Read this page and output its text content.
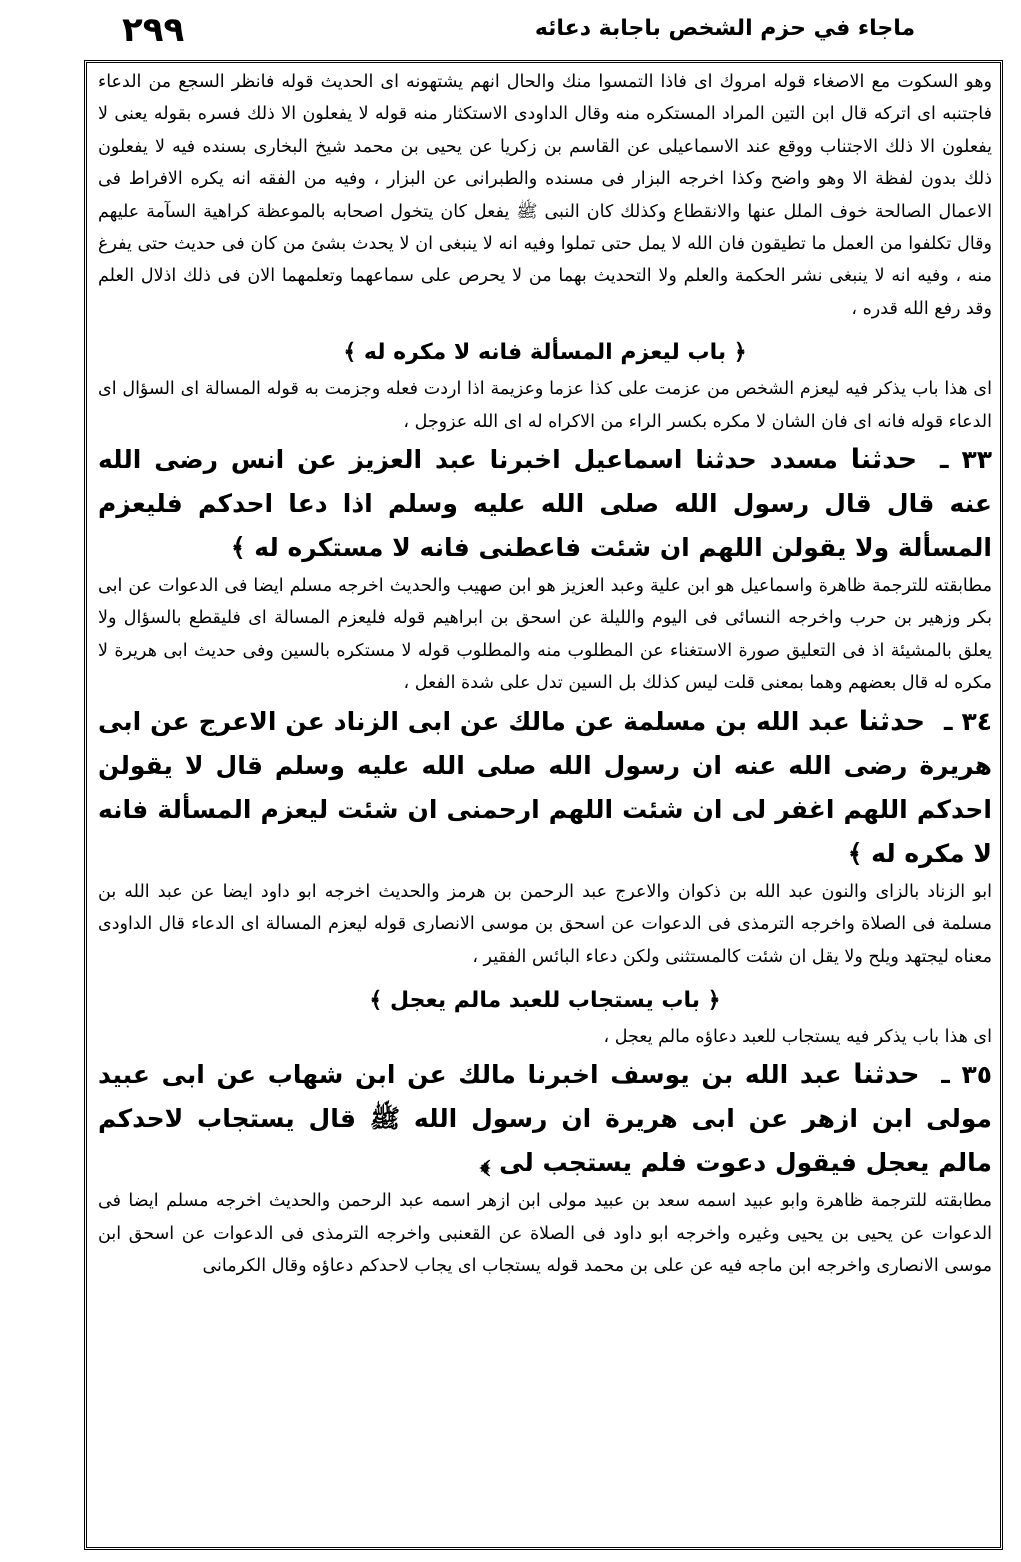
٢٩٩	ماجاء في حزم الشخص باجابة دعائه

وهو السكوت مع الاصغاء قوله امروك اى فاذا التمسوا منك والحال انهم يشتهونه اى الحديث قوله فانظر السجع من الدعاء فاجتنبه اى اتركه قال ابن التين المراد المستكره منه وقال الداودى الاستكثار منه قوله لا يفعلون الا ذلك فسره بقوله يعنى لا يفعلون الا ذلك الاجتناب ووقع عند الاسماعيلى عن القاسم بن زكريا عن يحيى بن محمد شيخ البخارى بسنده فيه لا يفعلون ذلك بدون لفظة الا وهو واضح وكذا اخرجه البزار فى مسنده والطبرانى عن البزار ، وفيه من الفقه انه يكره الافراط فى الاعمال الصالحة خوف الملل عنها والانقطاع وكذلك كان النبى ﷺ يفعل كان يتخول اصحابه بالموعظة كراهية السآمة عليهم وقال تكلفوا من العمل ما تطيقون فان الله لا يمل حتى تملوا وفيه انه لا ينبغى ان لا يحدث بشئ من كان فى حديث حتى يفرغ منه ، وفيه انه لا ينبغى نشر الحكمة والعلم ولا التحديث بهما من لا يحرص على سماعهما وتعلمهما الان فى ذلك اذلال العلم وقد رفع الله قدره ،

﴿ باب ليعزم المسألة فانه لا مكره له ﴾

اى هذا باب يذكر فيه ليعزم الشخص من عزمت على كذا عزما وعزيمة اذا اردت فعله وجزمت به قوله المسالة اى السؤال اى الدعاء قوله فانه اى فان الشان لا مكره بكسر الراء من الاكراه له اى الله عزوجل ،

٣٣ ـ حدثنا مسدد حدثنا اسماعيل اخبرنا عبد العزيز عن انس رضى الله عنه قال قال رسول الله صلى الله عليه وسلم اذا دعا احدكم فليعزم المسألة ولا يقولن اللهم ان شئت فاعطنى فانه لا مستكره له ﴾

مطابقته للترجمة ظاهرة واسماعيل هو ابن علية وعبد العزيز هو ابن صهيب والحديث اخرجه مسلم ايضا فى الدعوات عن ابى بكر وزهير بن حرب واخرجه النسائى فى اليوم والليلة عن اسحق بن ابراهيم قوله فليعزم المسالة اى فليقطع بالسؤال ولا يعلق بالمشيئة اذ فى التعليق صورة الاستغناء عن المطلوب منه والمطلوب قوله لا مستكره بالسين وفى حديث ابى هريرة لا مكره له قال بعضهم وهما بمعنى قلت ليس كذلك بل السين تدل على شدة الفعل ،

٣٤ ـ حدثنا عبد الله بن مسلمة عن مالك عن ابى الزناد عن الاعرج عن ابى هريرة رضى الله عنه ان رسول الله صلى الله عليه وسلم قال لا يقولن احدكم اللهم اغفر لى ان شئت اللهم ارحمنى ان شئت ليعزم المسألة فانه لا مكره له ﴾

ابو الزناد بالزاى والنون عبد الله بن ذكوان والاعرج عبد الرحمن بن هرمز والحديث اخرجه ابو داود ايضا عن عبد الله بن مسلمة فى الصلاة واخرجه الترمذى فى الدعوات عن اسحق بن موسى الانصارى قوله ليعزم المسالة اى الدعاء قال الداودى معناه ليجتهد ويلح ولا يقل ان شئت كالمستثنى ولكن دعاء البائس الفقير ،

﴿ باب يستجاب للعبد مالم يعجل ﴾

اى هذا باب يذكر فيه يستجاب للعبد دعاؤه مالم يعجل ،

٣٥ ـ حدثنا عبد الله بن يوسف اخبرنا مالك عن ابن شهاب عن ابى عبيد مولى ابن ازهر عن ابى هريرة ان رسول الله ﷺ قال يستجاب لاحدكم مالم يعجل فيقول دعوت فلم يستجب لى ﴾

مطابقته للترجمة ظاهرة وابو عبيد اسمه سعد بن عبيد مولى ابن ازهر اسمه عبد الرحمن والحديث اخرجه مسلم ايضا فى الدعوات عن يحيى بن يحيى وغيره واخرجه ابو داود فى الصلاة عن القعنبى واخرجه الترمذى فى الدعوات عن اسحق ابن موسى الانصارى واخرجه ابن ماجه فيه عن على بن محمد قوله يستجاب اى يجاب لاحدكم دعاؤه وقال الكرمانى
